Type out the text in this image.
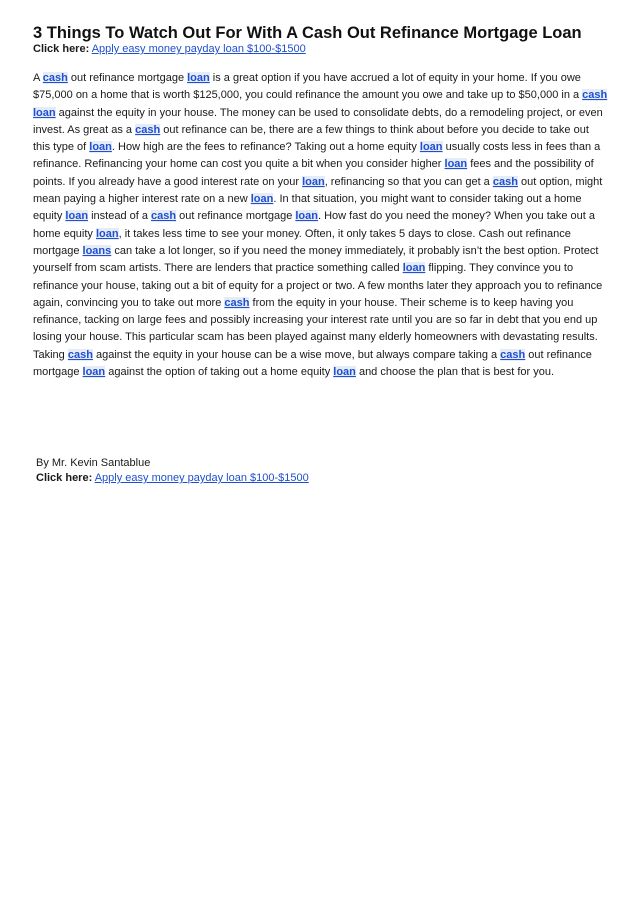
3 Things To Watch Out For With A Cash Out Refinance Mortgage Loan
Click here: Apply easy money payday loan $100-$1500

A cash out refinance mortgage loan is a great option if you have accrued a lot of equity in your home. If you owe $75,000 on a home that is worth $125,000, you could refinance the amount you owe and take up to $50,000 in a cash loan against the equity in your house. The money can be used to consolidate debts, do a remodeling project, or even invest. As great as a cash out refinance can be, there are a few things to think about before you decide to take out this type of loan. How high are the fees to refinance? Taking out a home equity loan usually costs less in fees than a refinance. Refinancing your home can cost you quite a bit when you consider higher loan fees and the possibility of points. If you already have a good interest rate on your loan, refinancing so that you can get a cash out option, might mean paying a higher interest rate on a new loan. In that situation, you might want to consider taking out a home equity loan instead of a cash out refinance mortgage loan. How fast do you need the money? When you take out a home equity loan, it takes less time to see your money. Often, it only takes 5 days to close. Cash out refinance mortgage loans can take a lot longer, so if you need the money immediately, it probably isn’t the best option. Protect yourself from scam artists. There are lenders that practice something called loan flipping. They convince you to refinance your house, taking out a bit of equity for a project or two. A few months later they approach you to refinance again, convincing you to take out more cash from the equity in your house. Their scheme is to keep having you refinance, tacking on large fees and possibly increasing your interest rate until you are so far in debt that you end up losing your house. This particular scam has been played against many elderly homeowners with devastating results. Taking cash against the equity in your house can be a wise move, but always compare taking a cash out refinance mortgage loan against the option of taking out a home equity loan and choose the plan that is best for you.

By Mr. Kevin Santablue
Click here: Apply easy money payday loan $100-$1500
